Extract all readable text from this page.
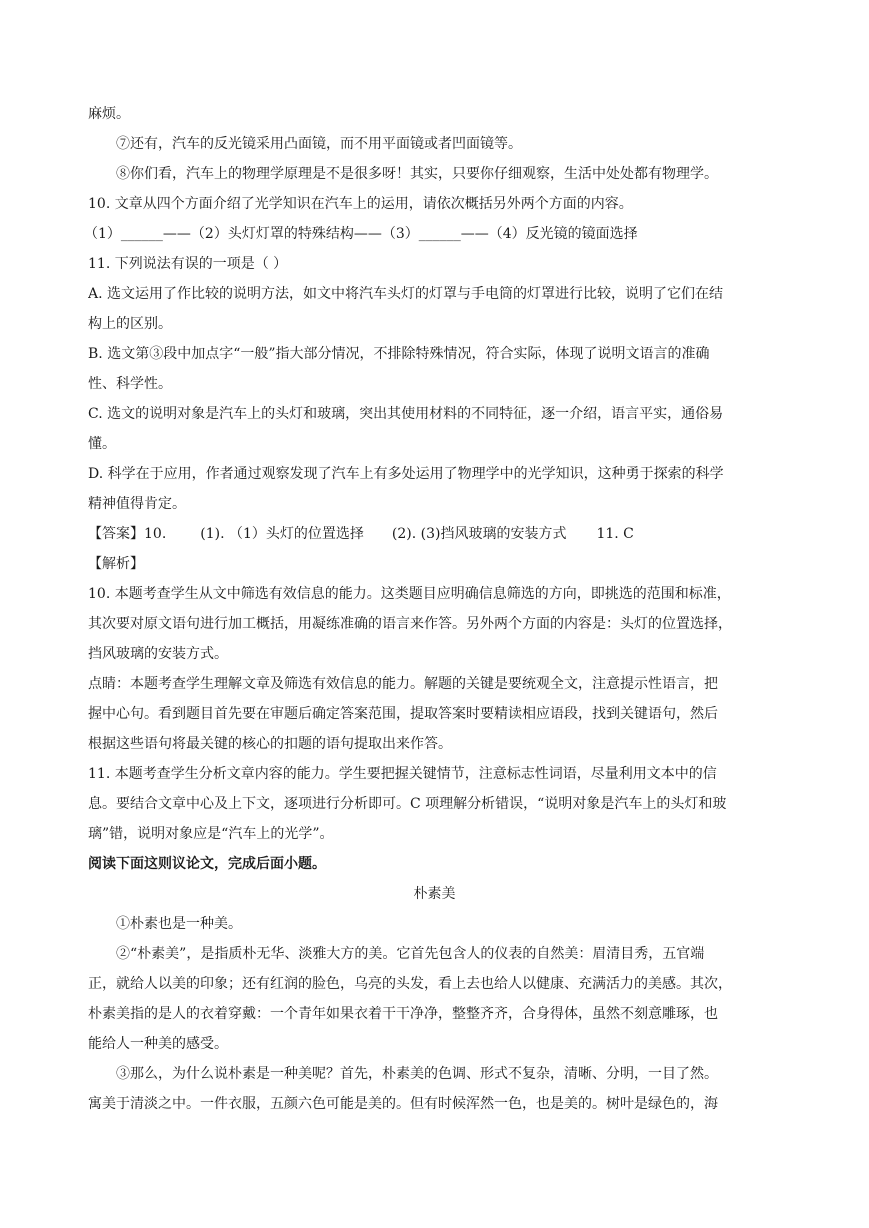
麻烦。
⑦还有，汽车的反光镜采用凸面镜，而不用平面镜或者凹面镜等。
⑧你们看，汽车上的物理学原理是不是很多呀！其实，只要你仔细观察，生活中处处都有物理学。
10. 文章从四个方面介绍了光学知识在汽车上的运用，请依次概括另外两个方面的内容。
（1）______——（2）头灯灯罩的特殊结构——（3）______——（4）反光镜的镜面选择
11. 下列说法有误的一项是（ ）
A. 选文运用了作比较的说明方法，如文中将汽车头灯的灯罩与手电筒的灯罩进行比较，说明了它们在结
构上的区别。
B. 选文第③段中加点字“一般”指大部分情况，不排除特殊情况，符合实际，体现了说明文语言的准确
性、科学性。
C. 选文的说明对象是汽车上的头灯和玻璃，突出其使用材料的不同特征，逐一介绍，语言平实，通俗易
懂。
D. 科学在于应用，作者通过观察发现了汽车上有多处运用了物理学中的光学知识，这种勇于探索的科学
精神值得肯定。
【答案】10. (1). （1）头灯的位置选择 (2). (3)挡风玻璃的安装方式 11. C
【解析】
10. 本题考查学生从文中筛选有效信息的能力。这类题目应明确信息筛选的方向，即挑选的范围和标准，
其次要对原文语句进行加工概括，用凝练准确的语言来作答。另外两个方面的内容是：头灯的位置选择，
挡风玻璃的安装方式。
点睛：本题考查学生理解文章及筛选有效信息的能力。解题的关键是要统观全文，注意提示性语言，把
握中心句。看到题目首先要在审题后确定答案范围，提取答案时要精读相应语段，找到关键语句，然后
根据这些语句将最关键的核心的扣题的语句提取出来作答。
11. 本题考查学生分析文章内容的能力。学生要把握关键情节，注意标志性词语，尽量利用文本中的信
息。要结合文章中心及上下文，逐项进行分析即可。C 项理解分析错误，“说明对象是汽车上的头灯和玻
璃”错，说明对象应是“汽车上的光学”。
阅读下面这则议论文，完成后面小题。
朴素美
①朴素也是一种美。
②“朴素美”，是指质朴无华、淡雅大方的美。它首先包含人的仪表的自然美：眉清目秀，五官端
正，就给人以美的印象；还有红润的脸色，乌亮的头发，看上去也给人以健康、充满活力的美感。其次，
朴素美指的是人的衣着穿戴：一个青年如果衣着干干净净，整整齐齐，合身得体，虽然不刻意雕琢，也
能给人一种美的感受。
③那么，为什么说朴素是一种美呢？首先，朴素美的色调、形式不复杂，清晰、分明，一目了然。
寓美于清淡之中。一件衣服，五颜六色可能是美的。但有时候浑然一色，也是美的。树叶是绿色的，海
